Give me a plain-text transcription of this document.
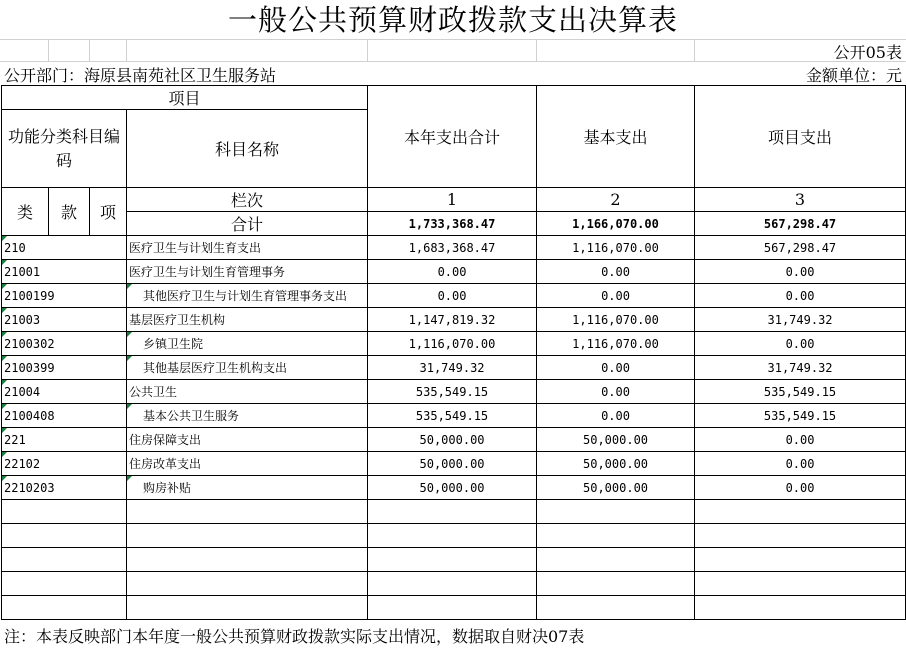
一般公共预算财政拨款支出决算表
公开05表
公开部门：海原县南苑社区卫生服务站	金额单位：元
项目				本年支出合计	基本支出	项目支出
功能分类科目编码			科目名称			
类	款	项	栏次	1	2	3
			合计	1,733,368.47	1,166,070.00	567,298.47
210			医疗卫生与计划生育支出	1,683,368.47	1,116,070.00	567,298.47
21001			医疗卫生与计划生育管理事务	0.00	0.00	0.00
2100199			其他医疗卫生与计划生育管理事务支出	0.00	0.00	0.00
21003			基层医疗卫生机构	1,147,819.32	1,116,070.00	31,749.32
2100302			乡镇卫生院	1,116,070.00	1,116,070.00	0.00
2100399			其他基层医疗卫生机构支出	31,749.32	0.00	31,749.32
21004			公共卫生	535,549.15	0.00	535,549.15
2100408			基本公共卫生服务	535,549.15	0.00	535,549.15
221			住房保障支出	50,000.00	50,000.00	0.00
22102			住房改革支出	50,000.00	50,000.00	0.00
2210203			购房补贴	50,000.00	50,000.00	0.00

注：本表反映部门本年度一般公共预算财政拨款实际支出情况，数据取自财决07表
